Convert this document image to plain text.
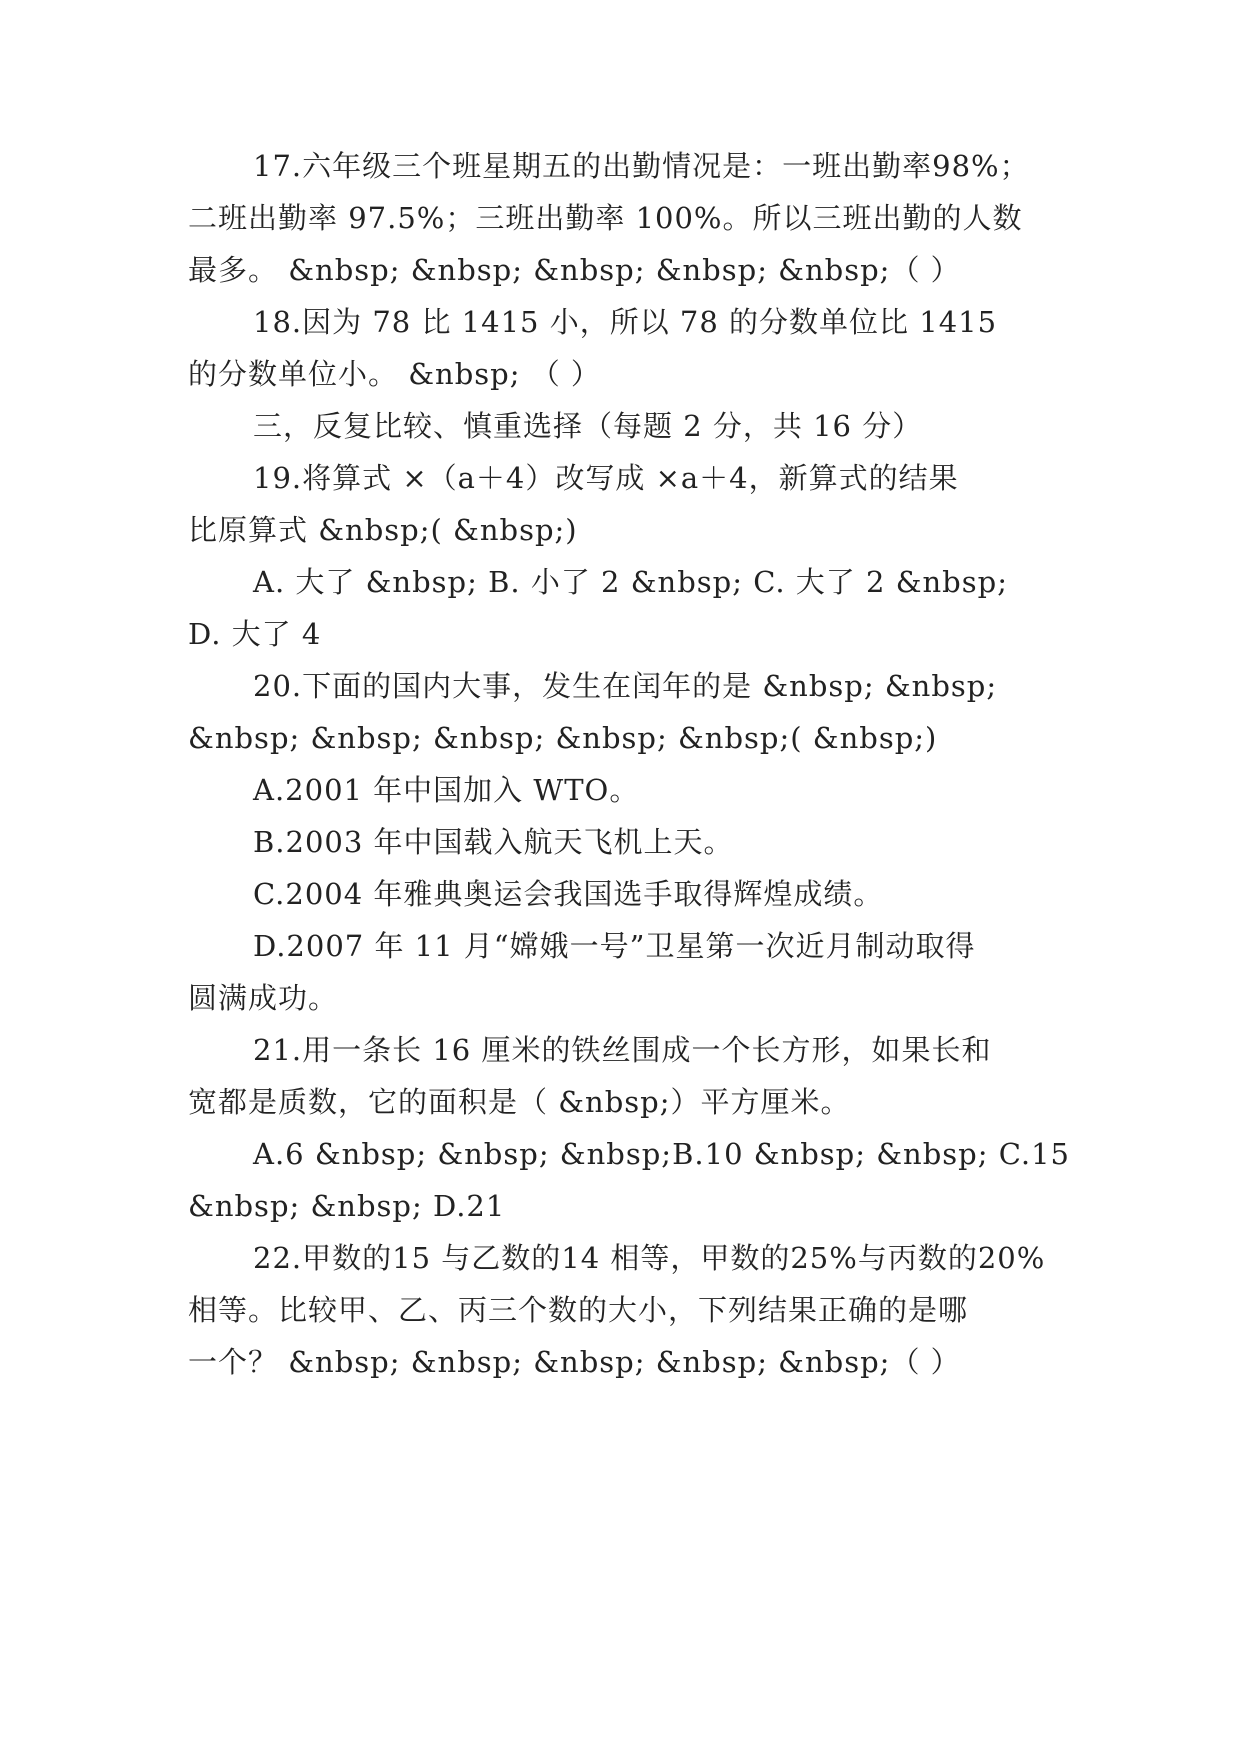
17.六年级三个班星期五的出勤情况是：一班出勤率98%；
二班出勤率 97.5%；三班出勤率 100%。所以三班出勤的人数
最多。 &nbsp; &nbsp; &nbsp; &nbsp; &nbsp;（ ）
18.因为 78 比 1415 小，所以 78 的分数单位比 1415
的分数单位小。 &nbsp; （ ）
三，反复比较、慎重选择（每题 2 分，共 16 分）
19.将算式 ×（a＋4）改写成 ×a＋4，新算式的结果
比原算式 &nbsp;( &nbsp;)
A. 大了 &nbsp; B. 小了 2 &nbsp; C. 大了 2 &nbsp;
D. 大了 4
20.下面的国内大事，发生在闰年的是 &nbsp; &nbsp;
&nbsp; &nbsp; &nbsp; &nbsp; &nbsp;( &nbsp;)
A.2001 年中国加入 WTO。
B.2003 年中国载入航天飞机上天。
C.2004 年雅典奥运会我国选手取得辉煌成绩。
D.2007 年 11 月“嫦娥一号”卫星第一次近月制动取得
圆满成功。
21.用一条长 16 厘米的铁丝围成一个长方形，如果长和
宽都是质数，它的面积是（ &nbsp;）平方厘米。
A.6 &nbsp; &nbsp; &nbsp;B.10 &nbsp; &nbsp; C.15
&nbsp; &nbsp; D.21
22.甲数的15 与乙数的14 相等，甲数的25%与丙数的20%
相等。比较甲、乙、丙三个数的大小，下列结果正确的是哪
一个？ &nbsp; &nbsp; &nbsp; &nbsp; &nbsp;（ ）
